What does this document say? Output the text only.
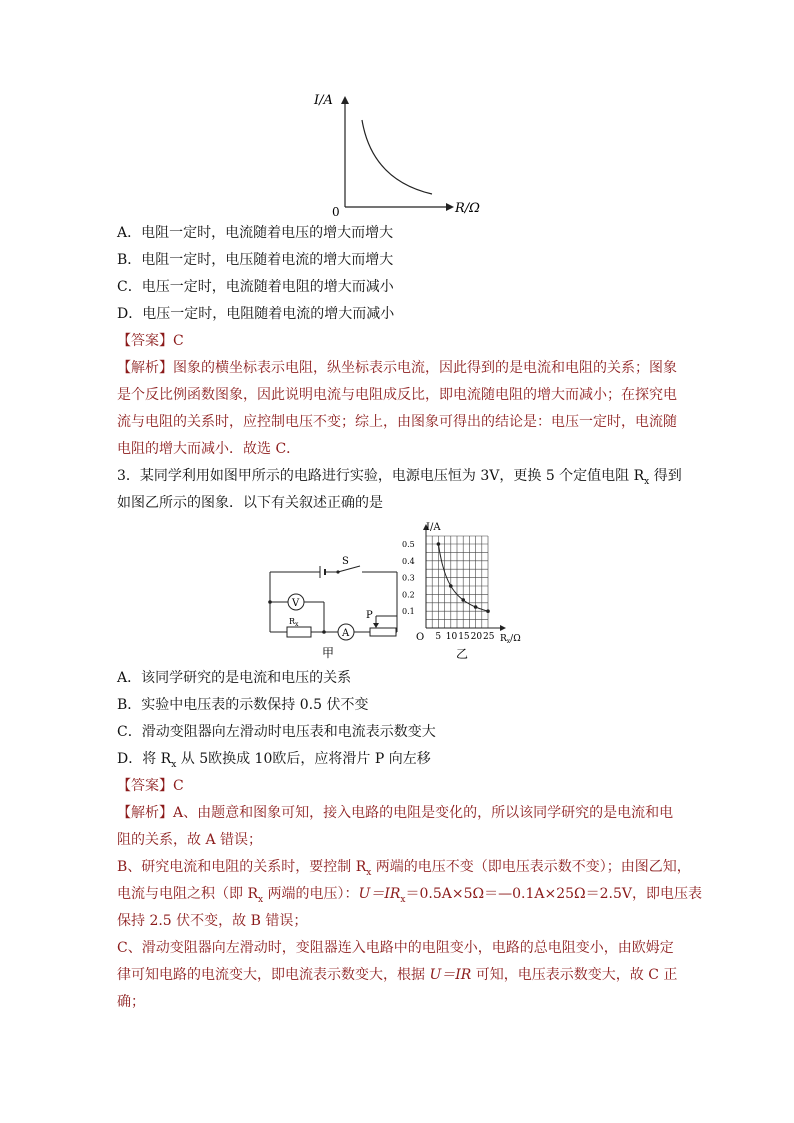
I/A
0	R/Ω
A．电阻一定时，电流随着电压的增大而增大
B．电阻一定时，电压随着电流的增大而增大
C．电压一定时，电流随着电阻的增大而减小
D．电压一定时，电阻随着电流的增大而减小
【答案】C
【解析】图象的横坐标表示电阻，纵坐标表示电流，因此得到的是电流和电阻的关系；图象
是个反比例函数图象，因此说明电流与电阻成反比，即电流随电阻的增大而减小；在探究电
流与电阻的关系时，应控制电压不变；综上，由图象可得出的结论是：电压一定时，电流随
电阻的增大而减小．故选 C．
3．某同学利用如图甲所示的电路进行实验，电源电压恒为 3V，更换 5 个定值电阻 $R_x$ 得到
如图乙所示的图象．以下有关叙述正确的是
S
V
$R_x$
A
P
甲
5 10 15 20 25
0.1
0.2
0.3
0.4
0.5
I/A
$R_x/\Omega$
O
乙
A．该同学研究的是电流和电压的关系
B．实验中电压表的示数保持 0.5 伏不变
C．滑动变阻器向左滑动时电压表和电流表示数变大
D．将 $R_x$ 从 5欧换成 10欧后，应将滑片 P 向左移
【答案】C
【解析】A、由题意和图象可知，接入电路的电阻是变化的，所以该同学研究的是电流和电
阻的关系，故 A 错误；
B、研究电流和电阻的关系时，要控制 $R_x$ 两端的电压不变（即电压表示数不变）；由图乙知，
电流与电阻之积（即 $R_x$ 两端的电压）：$U=IR_x=0.5A\times 5\Omega=—0.1A\times 25\Omega=2.5V$，即电压表
保持 2.5 伏不变，故 B 错误；
C、滑动变阻器向左滑动时，变阻器连入电路中的电阻变小，电路的总电阻变小，由欧姆定
律可知电路的电流变大，即电流表示数变大，根据 U＝IR 可知，电压表示数变大，故 C 正
确；
